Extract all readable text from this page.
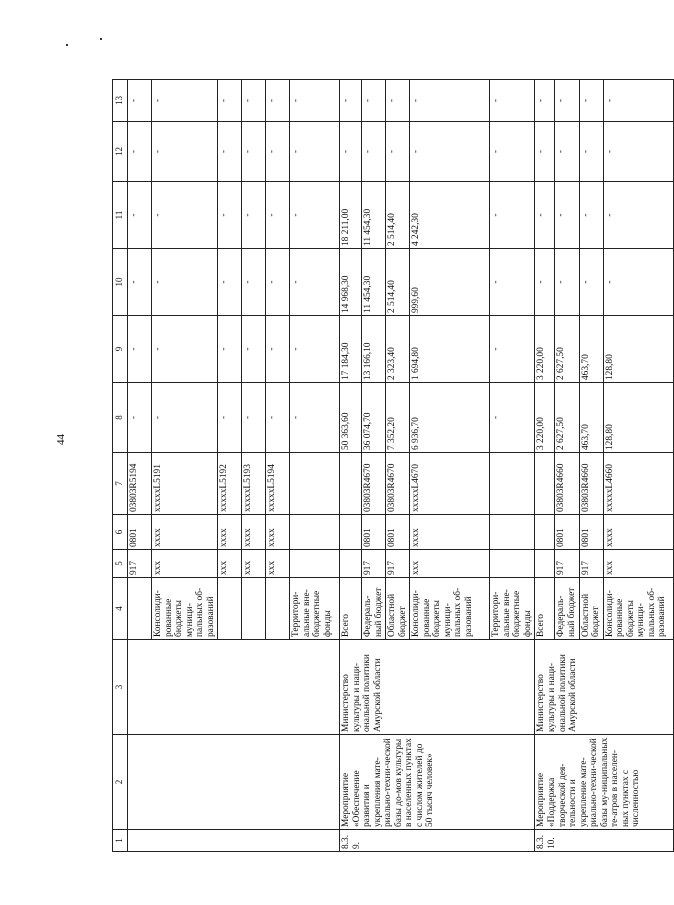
44
1	2	3	4	5	6	7	8	9	10	11	12	13
				917	0801	03803R5194	-	-	-	-	-	-
			Консолиди-рованные бюджеты муници-пальных об-разований	ххх	хххх	xxxxxL5191	-	-	-	-	-	-
				ххх	хххх	xxxxxL5192	-	-	-	-	-	-
				ххх	хххх	xxxxxL5193	-	-	-	-	-	-
				ххх	хххх	xxxxxL5194	-	-	-	-	-	-
			Территори-альные вне-бюджетные фонды				-	-	-	-	-	-
8.3.9.	Мероприятие «Обеспечение развития и укрепления мате-риально-техни-ческой базы до-мов культуры в населенных пунктах с числом жителей до 50 тысяч человек»	Министерство культуры и наци-ональной политики Амурской области	Всего				50 363,60	17 184,30	14 968,30	18 211,00	-	-
			Федераль-ный бюджет	917	0801	03803R4670	36 074,70	13 166,10	11 454,30	11 454,30	-	-
			Областной бюджет	917	0801	03803R4670	7 352,20	2 323,40	2 514,40	2 514,40	-	-
			Консолиди-рованные бюджеты муници-пальных об-разований	ххх	хххх	xxxxxL4670	6 936,70	1 694,80	999,60	4 242,30	-	-
			Территори-альные вне-бюджетные фонды				-	-	-	-	-	-
8.3.10.	Мероприятие «Поддержка творческой дея-тельности и укрепление мате-риально-техни-ческой базы му-ниципальных те-атров в населен-ных пунктах с численностью	Министерство культуры и наци-ональной политики Амурской области	Всего				3 220,00	3 220,00	-	-	-	-
			Федераль-ный бюджет	917	0801	03803R4660	2 627,50	2 627,50	-	-	-	-
			Областной бюджет	917	0801	03803R4660	463,70	463,70	-	-	-	-
			Консолиди-рованные бюджеты муници-пальных об-разований	ххх	хххх	xxxxxL4660	128,80	128,80	-	-	-	-
